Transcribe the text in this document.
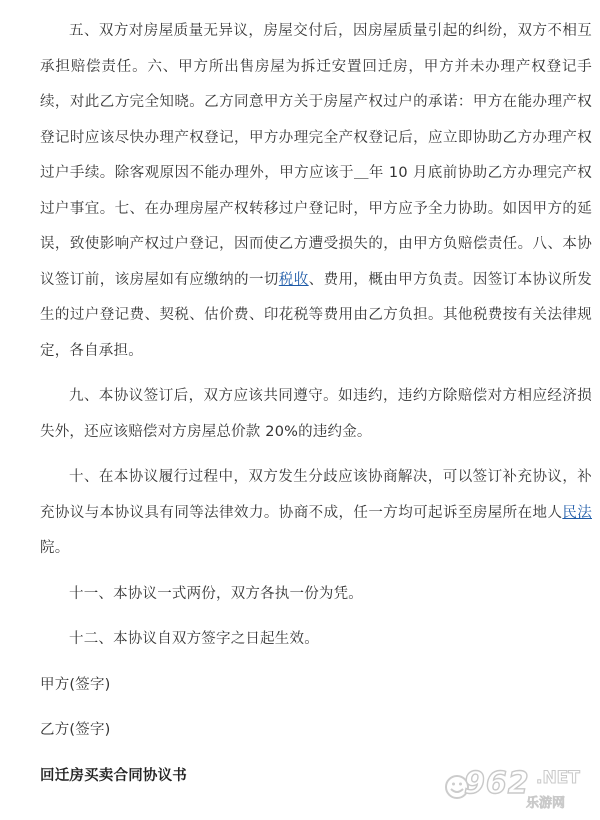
五、双方对房屋质量无异议，房屋交付后，因房屋质量引起的纠纷，双方不相互承担赔偿责任。六、甲方所出售房屋为拆迁安置回迁房，甲方并未办理产权登记手续，对此乙方完全知晓。乙方同意甲方关于房屋产权过户的承诺：甲方在能办理产权登记时应该尽快办理产权登记，甲方办理完全产权登记后，应立即协助乙方办理产权过户手续。除客观原因不能办理外，甲方应该于＿年 10 月底前协助乙方办理完产权过户事宜。七、在办理房屋产权转移过户登记时，甲方应予全力协助。如因甲方的延误，致使影响产权过户登记，因而使乙方遭受损失的，由甲方负赔偿责任。八、本协议签订前，该房屋如有应缴纳的一切税收、费用，概由甲方负责。因签订本协议所发生的过户登记费、契税、估价费、印花税等费用由乙方负担。其他税费按有关法律规定，各自承担。

九、本协议签订后，双方应该共同遵守。如违约，违约方除赔偿对方相应经济损失外，还应该赔偿对方房屋总价款 20%的违约金。

十、在本协议履行过程中，双方发生分歧应该协商解决，可以签订补充协议，补充协议与本协议具有同等法律效力。协商不成，任一方均可起诉至房屋所在地人民法院。

十一、本协议一式两份，双方各执一份为凭。

十二、本协议自双方签字之日起生效。

甲方(签字)

乙方(签字)

回迁房买卖合同协议书	962 .NET
乐游网
